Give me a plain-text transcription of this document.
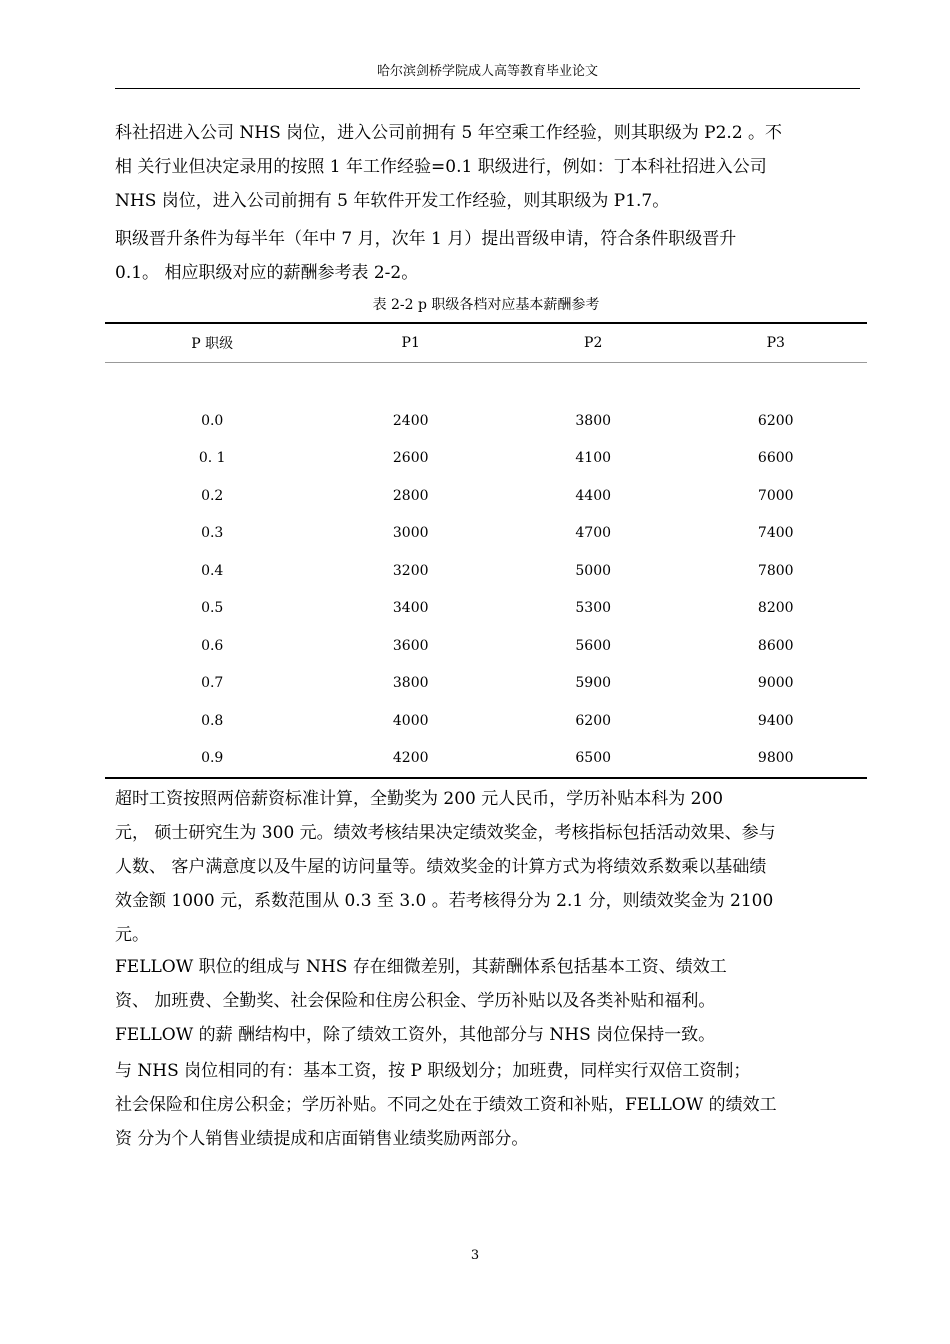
哈尔滨剑桥学院成人高等教育毕业论文
科社招进入公司 NHS 岗位，进入公司前拥有 5 年空乘工作经验，则其职级为 P2.2 。不
相 关行业但决定录用的按照 1 年工作经验=0.1 职级进行，例如：丁本科社招进入公司
NHS 岗位，进入公司前拥有 5 年软件开发工作经验，则其职级为 P1.7。
职级晋升条件为每半年（年中 7 月，次年 1 月）提出晋级申请，符合条件职级晋升
0.1。 相应职级对应的薪酬参考表 2-2。
表 2-2 p 职级各档对应基本薪酬参考
P 职级	P1	P2	P3

0.0	2400	3800	6200
0. 1	2600	4100	6600
0.2	2800	4400	7000
0.3	3000	4700	7400
0.4	3200	5000	7800
0.5	3400	5300	8200
0.6	3600	5600	8600
0.7	3800	5900	9000
0.8	4000	6200	9400
0.9	4200	6500	9800
超时工资按照两倍薪资标准计算，全勤奖为 200 元人民币，学历补贴本科为 200
元， 硕士研究生为 300 元。绩效考核结果决定绩效奖金，考核指标包括活动效果、参与
人数、 客户满意度以及牛屋的访问量等。绩效奖金的计算方式为将绩效系数乘以基础绩
效金额 1000 元，系数范围从 0.3 至 3.0 。若考核得分为 2.1 分，则绩效奖金为 2100
元。
FELLOW 职位的组成与 NHS 存在细微差别，其薪酬体系包括基本工资、绩效工
资、 加班费、全勤奖、社会保险和住房公积金、学历补贴以及各类补贴和福利。
FELLOW 的薪 酬结构中，除了绩效工资外，其他部分与 NHS 岗位保持一致。
与 NHS 岗位相同的有：基本工资，按 P 职级划分；加班费，同样实行双倍工资制；
社会保险和住房公积金；学历补贴。不同之处在于绩效工资和补贴，FELLOW 的绩效工
资 分为个人销售业绩提成和店面销售业绩奖励两部分。
3
